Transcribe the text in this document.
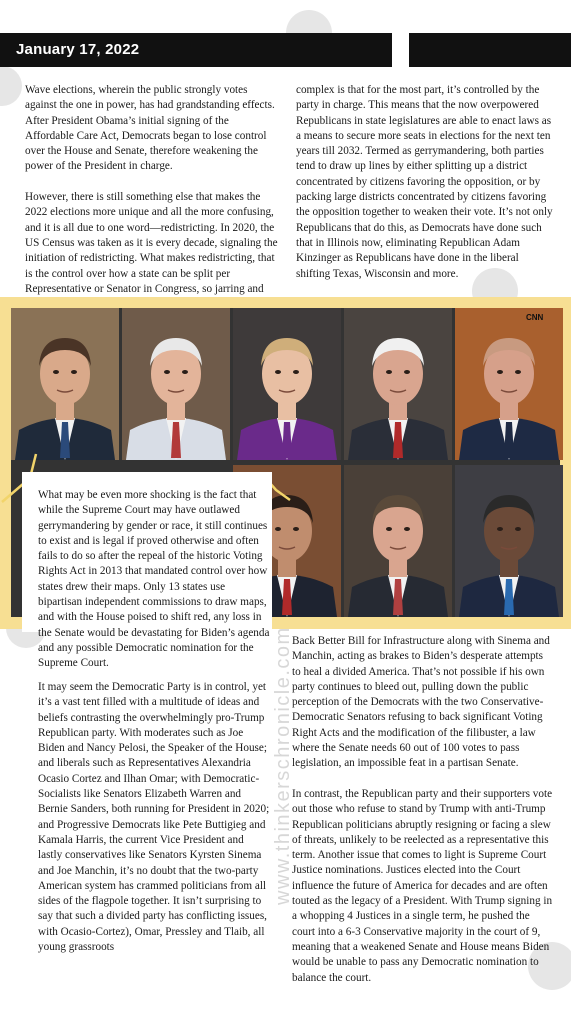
January 17, 2022

Wave elections, wherein the public strongly votes against the one in power, has had grandstanding effects. After President Obama’s initial signing of the Affordable Care Act, Democrats began to lose control over the House and Senate, therefore weakening the power of the President in charge.

However, there is still something else that makes the 2022 elections more unique and all the more confusing, and it is all due to one word—redistricting. In 2020, the US Census was taken as it is every decade, signaling the initiation of redistricting. What makes redistricting, that is the control over how a state can be split per Representative or Senator in Congress, so jarring and

complex is that for the most part, it’s controlled by the party in charge. This means that the now overpowered Republicans in state legislatures are able to enact laws as a means to secure more seats in elections for the next ten years till 2032. Termed as gerrymandering, both parties tend to draw up lines by either splitting up a district concentrated by citizens favoring the opposition, or by packing large districts concentrated by citizens favoring the opposition together to weaken their vote. It’s not only Republicans that do this, as Democrats have done such that in Illinois now, eliminating Republican Adam Kinzinger as Republicans have done in the liberal shifting Texas, Wisconsin and more.

CNN

What may be even more shocking is the fact that while the Supreme Court may have outlawed gerrymandering by gender or race, it still continues to exist and is legal if proved otherwise and often fails to do so after the repeal of the historic Voting Rights Act in 2013 that mandated control over how states drew their maps. Only 13 states use bipartisan independent commissions to draw maps, and with the House poised to shift red, any loss in the Senate would be devastating for Biden’s agenda and any possible Democratic nomination for the Supreme Court.

It may seem the Democratic Party is in control, yet it’s a vast tent filled with a multitude of ideas and beliefs contrasting the overwhelmingly pro-Trump Republican party. With moderates such as Joe Biden and Nancy Pelosi, the Speaker of the House; and liberals such as Representatives Alexandria Ocasio Cortez and Ilhan Omar; with Democratic-Socialists like Senators Elizabeth Warren and Bernie Sanders, both running for President in 2020; and Progressive Democrats like Pete Buttigieg and Kamala Harris, the current Vice President and lastly conservatives like Senators Kyrsten Sinema and Joe Manchin, it’s no doubt that the two-party American system has crammed politicians from all sides of the flagpole together. It isn’t surprising to say that such a divided party has conflicting issues, with Ocasio-Cortez), Omar, Pressley and Tlaib, all young grassroots

Back Better Bill for Infrastructure along with Sinema and Manchin, acting as brakes to Biden’s desperate attempts to heal a divided America. That’s not possible if his own party continues to bleed out, pulling down the public perception of the Democrats with the two Conservative-Democratic Senators refusing to back significant Voting Right Acts and the modification of the filibuster, a law where the Senate needs 60 out of 100 votes to pass legislation, an impossible feat in a partisan Senate.

In contrast, the Republican party and their supporters vote out those who refuse to stand by Trump with anti-Trump Republican politicians abruptly resigning or facing a slew of threats, unlikely to be reelected as a representative this term. Another issue that comes to light is Supreme Court Justice nominations. Justices elected into the Court influence the future of America for decades and are often touted as the legacy of a President. With Trump signing in a whopping 4 Justices in a single term, he pushed the court into a 6-3 Conservative majority in the court of 9, meaning that a weakened Senate and House means Biden would be unable to pass any Democratic nomination to balance the court.

www.thinkerschronicle.com
